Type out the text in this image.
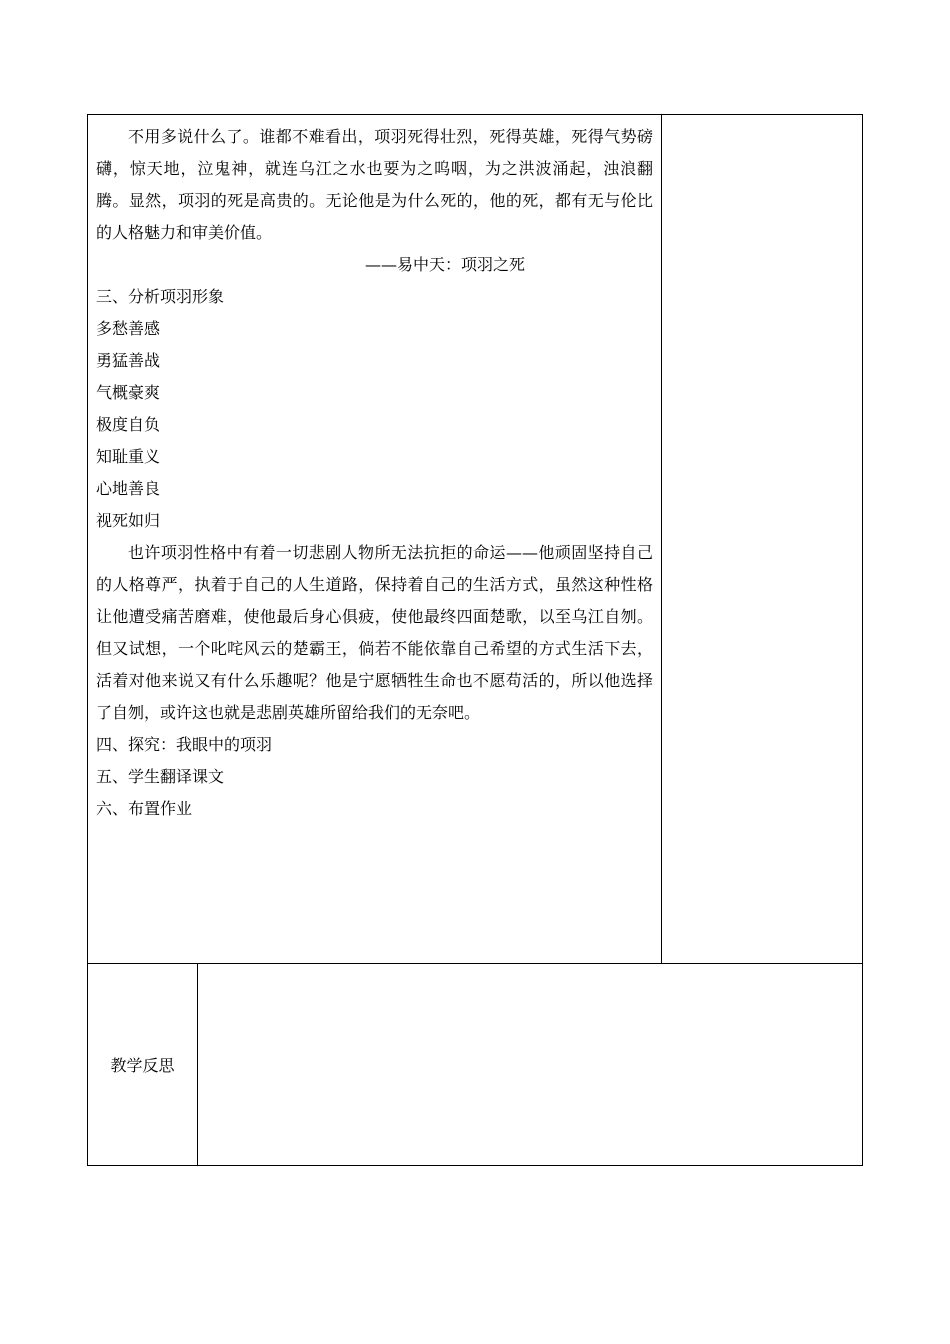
不用多说什么了。谁都不难看出，项羽死得壮烈，死得英雄，死得气势磅礴，惊天地，泣鬼神，就连乌江之水也要为之呜咽，为之洪波涌起，浊浪翻腾。显然，项羽的死是高贵的。无论他是为什么死的，他的死，都有无与伦比的人格魅力和审美价值。

——易中天：项羽之死

三、分析项羽形象

多愁善感

勇猛善战

气概豪爽

极度自负

知耻重义

心地善良

视死如归

也许项羽性格中有着一切悲剧人物所无法抗拒的命运——他顽固坚持自己的人格尊严，执着于自己的人生道路，保持着自己的生活方式，虽然这种性格让他遭受痛苦磨难，使他最后身心俱疲，使他最终四面楚歌，以至乌江自刎。但又试想，一个叱咤风云的楚霸王，倘若不能依靠自己希望的方式生活下去，活着对他来说又有什么乐趣呢？他是宁愿牺牲生命也不愿苟活的，所以他选择了自刎，或许这也就是悲剧英雄所留给我们的无奈吧。

四、探究：我眼中的项羽

五、学生翻译课文

六、布置作业

教学反思
